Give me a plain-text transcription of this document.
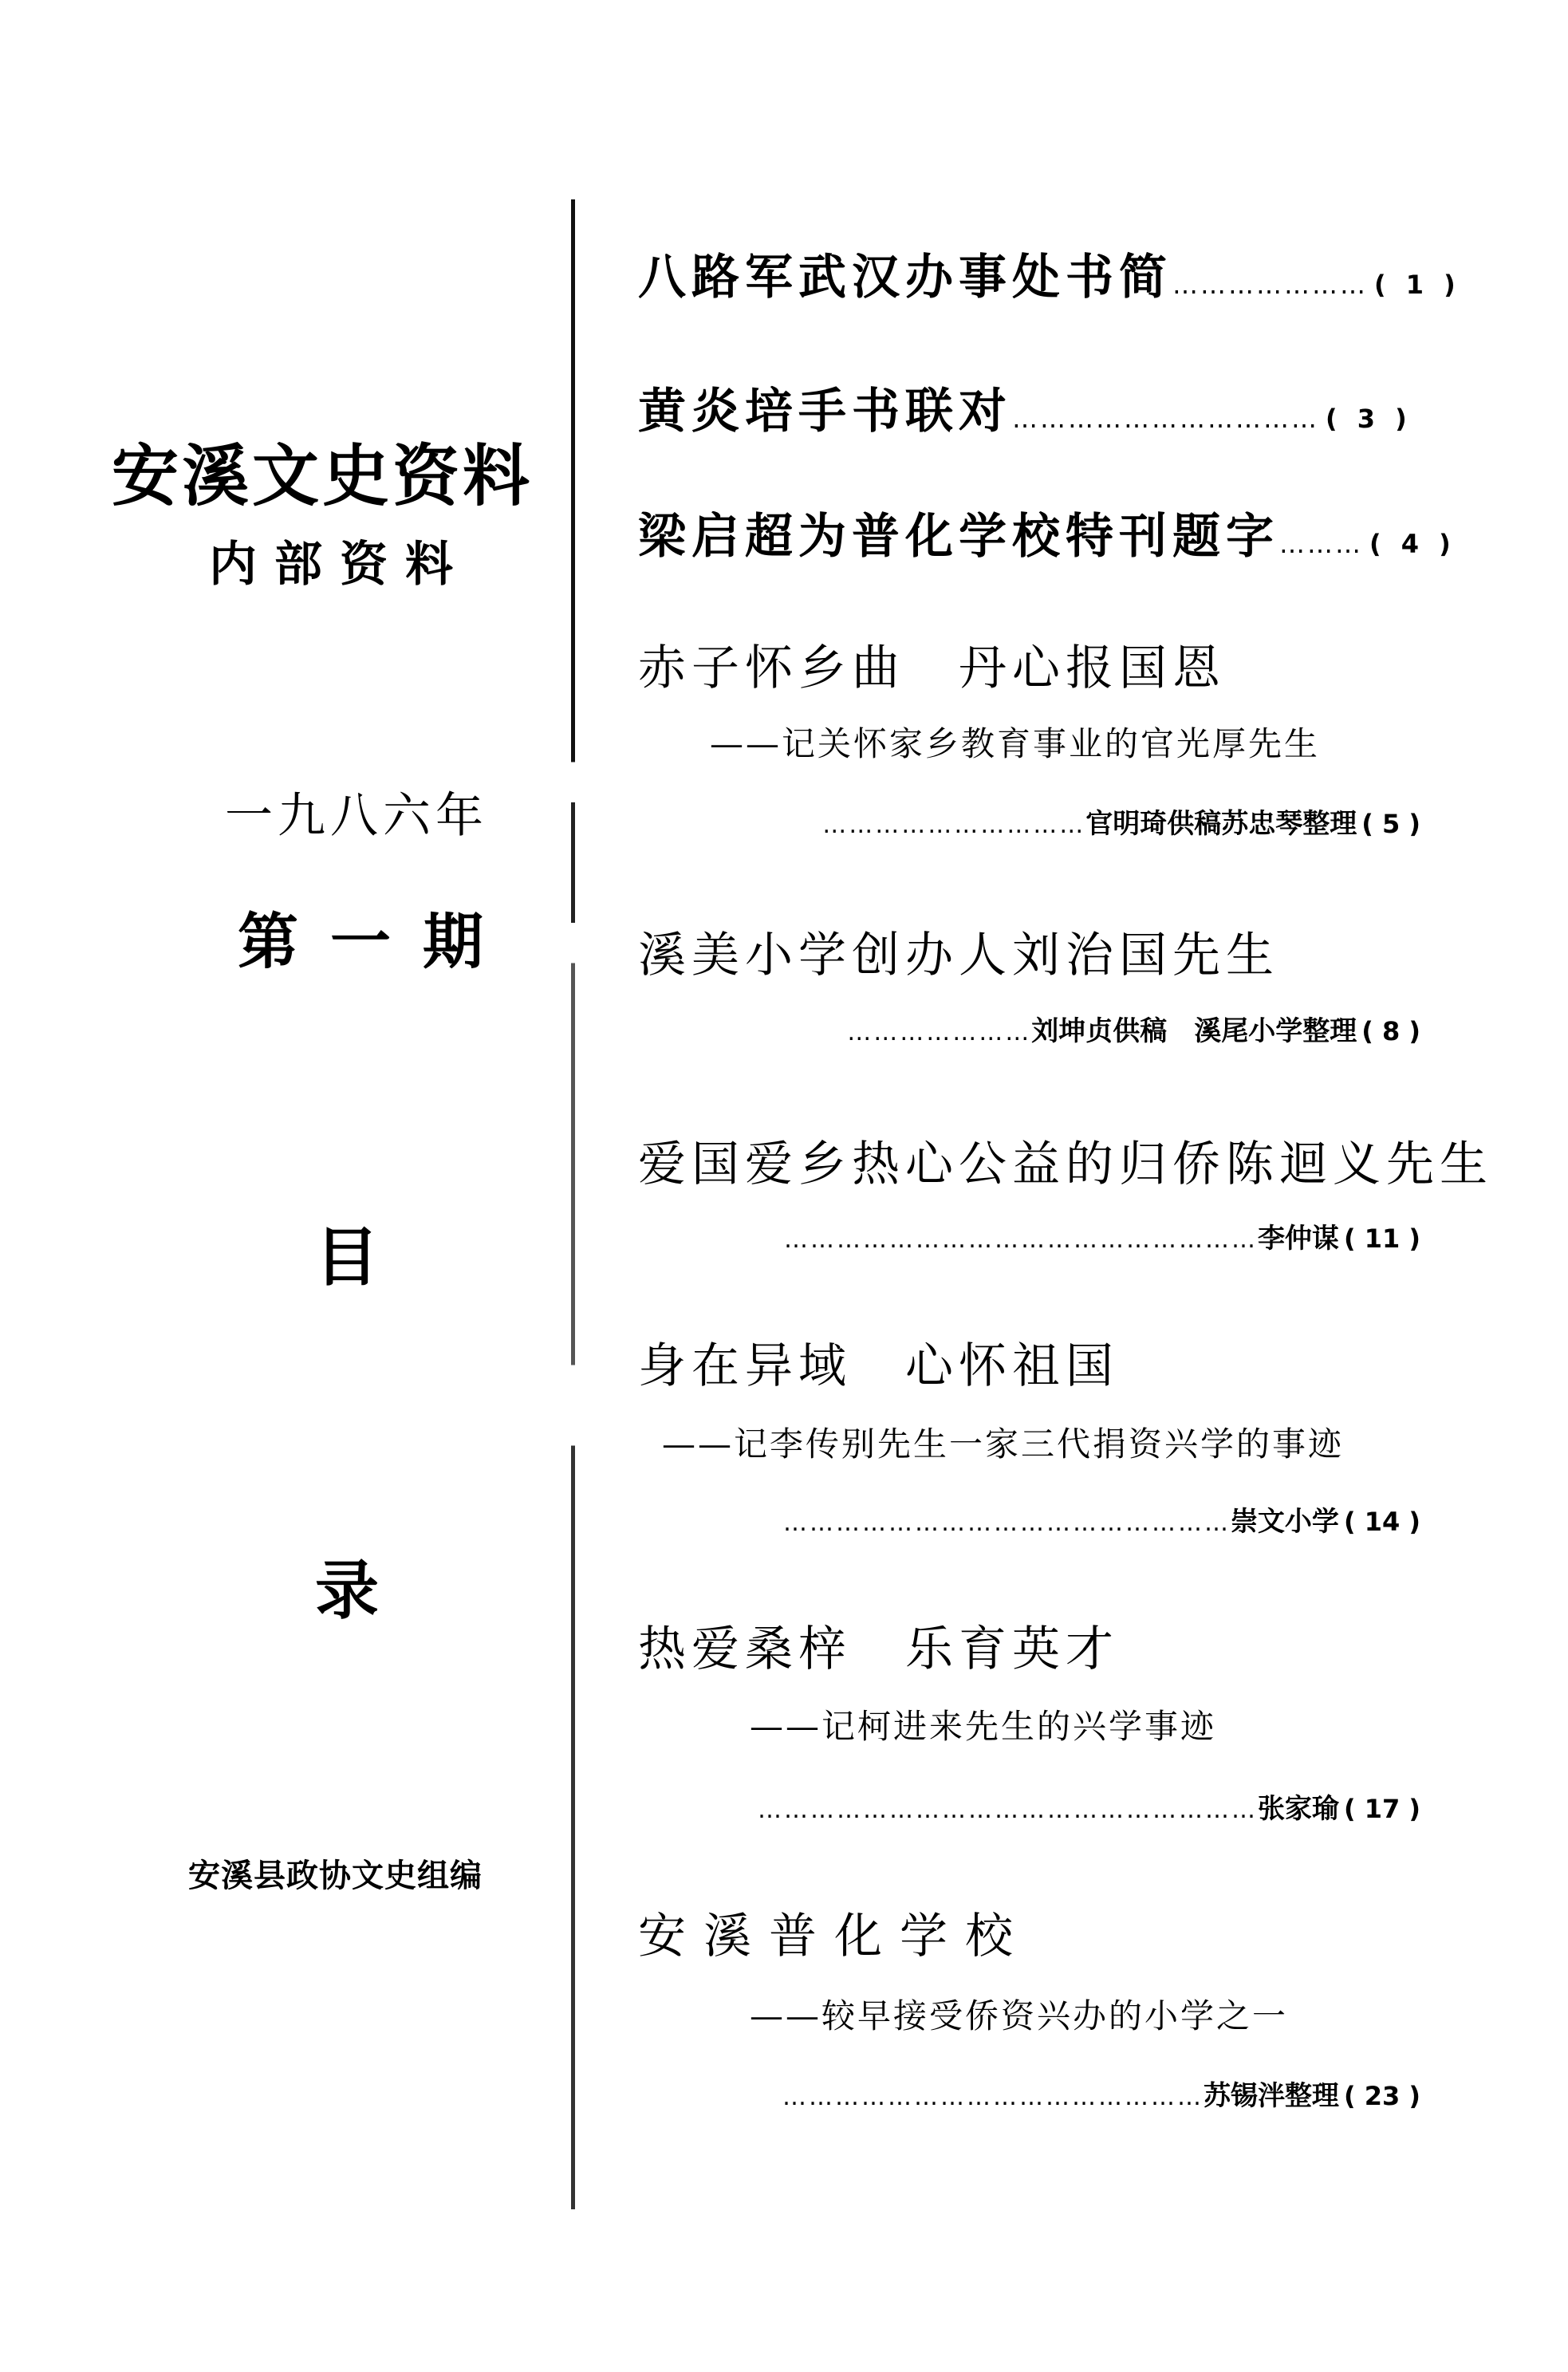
安溪文史资料
内部资料
一九八六年
第一期
目
录
安溪县政协文史组编
八路军武汉办事处书简………………… ( 1 )
黄炎培手书联对…………………………… ( 3 )
梁启超为普化学校特刊题字……… ( 4 )
赤子怀乡曲　丹心报国恩
——记关怀家乡教育事业的官光厚先生
…………………………官明琦供稿苏忠琴整理 ( 5 )
溪美小学创办人刘治国先生
…………………刘坤贞供稿　溪尾小学整理 ( 8 )
爱国爱乡热心公益的归侨陈迴义先生
………………………………………………李仲谋 ( 11 )
身在异域　心怀祖国
——记李传别先生一家三代捐资兴学的事迹
……………………………………………崇文小学 ( 14 )
热爱桑梓　乐育英才
——记柯进来先生的兴学事迹
…………………………………………………张家瑜 ( 17 )
安溪普化学校
——较早接受侨资兴办的小学之一
…………………………………………苏锡泮整理 ( 23 )
